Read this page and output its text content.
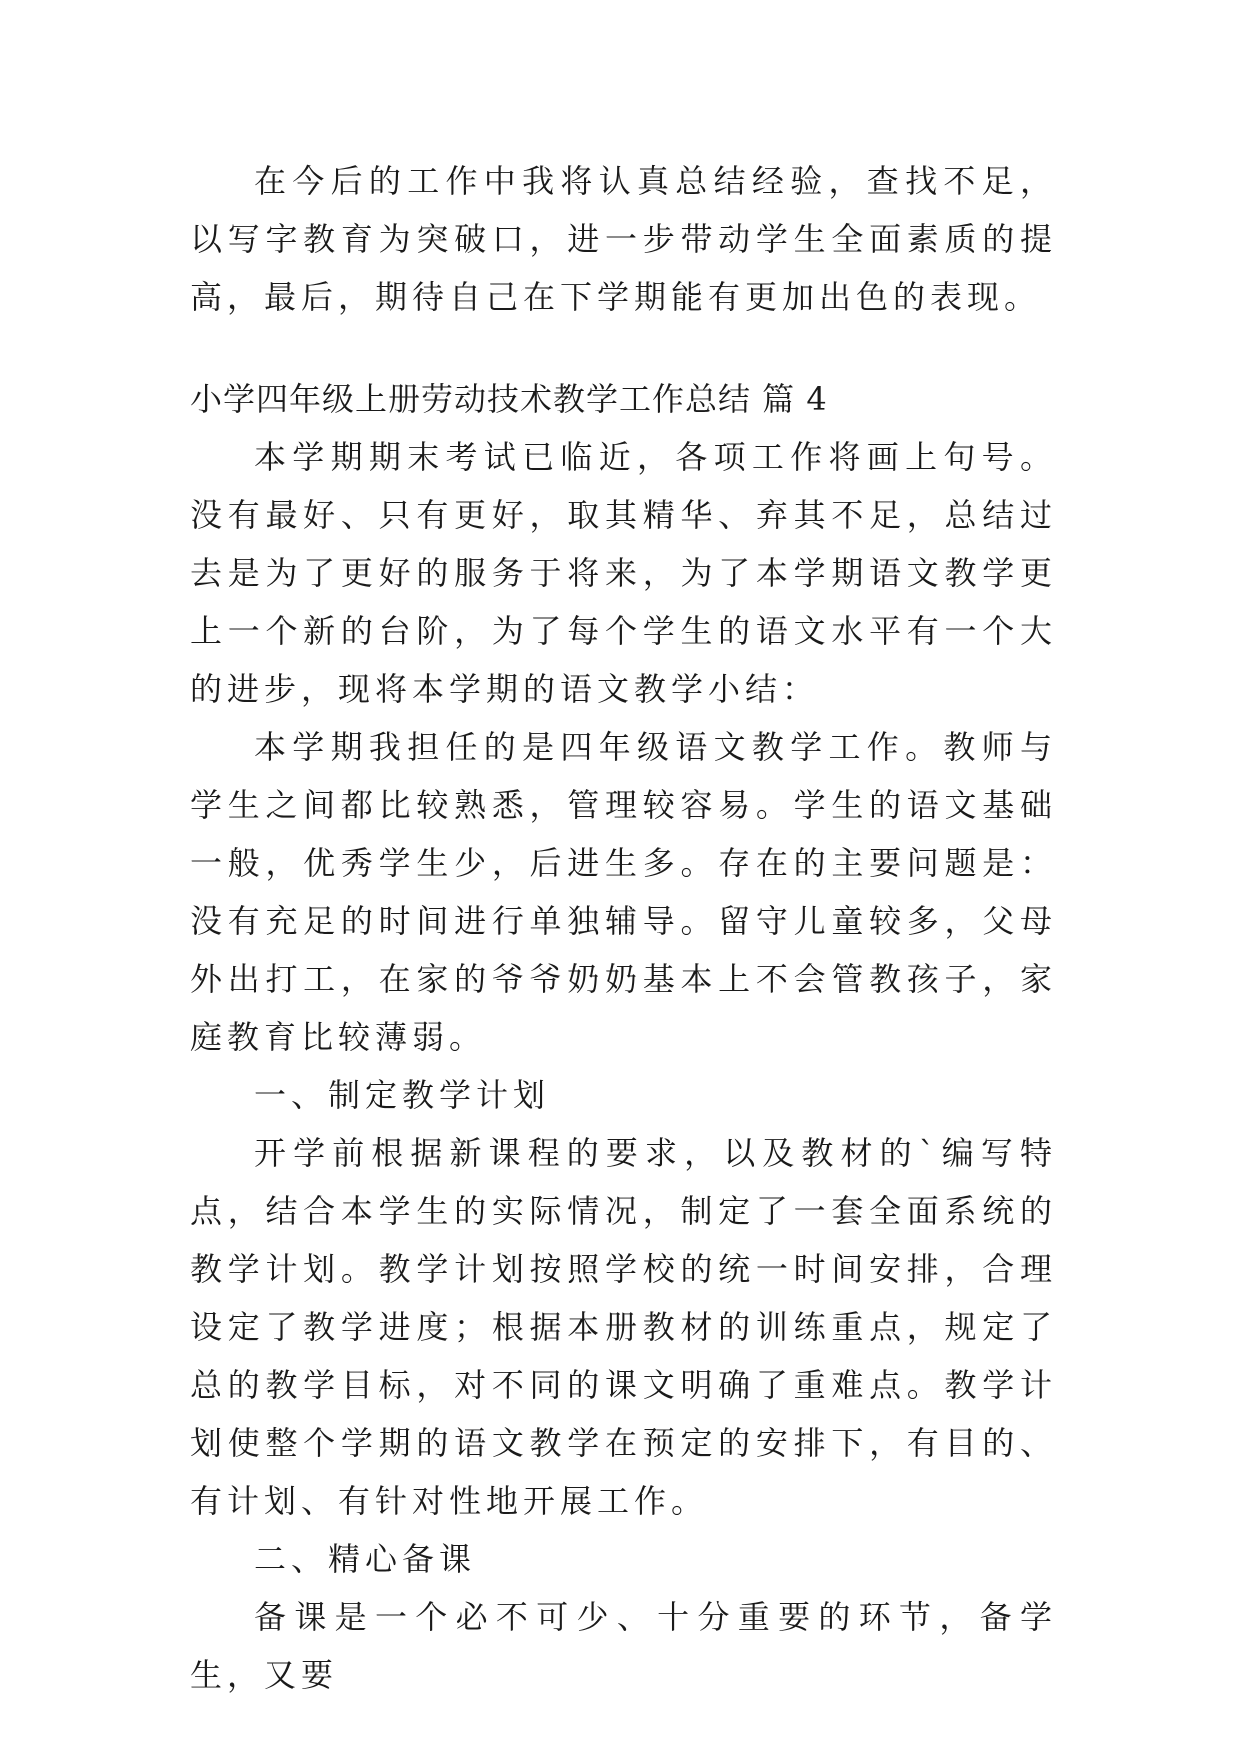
在今后的工作中我将认真总结经验，查找不足，以写字教育为突破口，进一步带动学生全面素质的提高，最后，期待自己在下学期能有更加出色的表现。

小学四年级上册劳动技术教学工作总结 篇 4

本学期期末考试已临近，各项工作将画上句号。没有最好、只有更好，取其精华、弃其不足，总结过去是为了更好的服务于将来，为了本学期语文教学更上一个新的台阶，为了每个学生的语文水平有一个大的进步，现将本学期的语文教学小结：

本学期我担任的是四年级语文教学工作。教师与学生之间都比较熟悉，管理较容易。学生的语文基础一般，优秀学生少，后进生多。存在的主要问题是：没有充足的时间进行单独辅导。留守儿童较多，父母外出打工，在家的爷爷奶奶基本上不会管教孩子，家庭教育比较薄弱。

一、制定教学计划

开学前根据新课程的要求，以及教材的`编写特点，结合本学生的实际情况，制定了一套全面系统的教学计划。教学计划按照学校的统一时间安排，合理设定了教学进度；根据本册教材的训练重点，规定了总的教学目标，对不同的课文明确了重难点。教学计划使整个学期的语文教学在预定的安排下，有目的、有计划、有针对性地开展工作。

二、精心备课

备课是一个必不可少、十分重要的环节，备学生，又要
